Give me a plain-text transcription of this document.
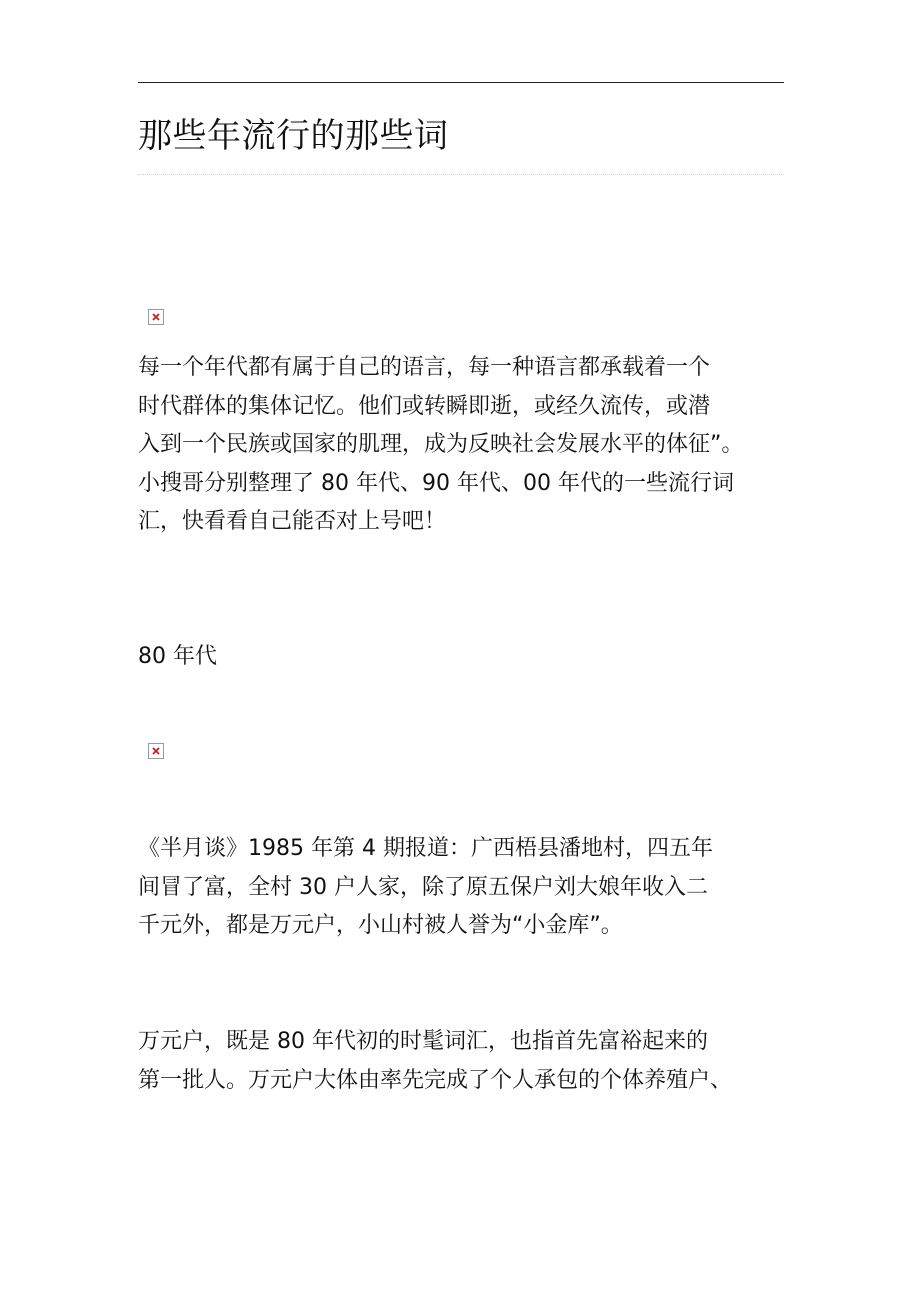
那些年流行的那些词

每一个年代都有属于自己的语言，每一种语言都承载着一个
时代群体的集体记忆。他们或转瞬即逝，或经久流传，或潜
入到一个民族或国家的肌理，成为反映社会发展水平的体征”。
小搜哥分别整理了 80 年代、90 年代、00 年代的一些流行词
汇，快看看自己能否对上号吧！

80 年代

《半月谈》1985 年第 4 期报道：广西梧县潘地村，四五年
间冒了富，全村 30 户人家，除了原五保户刘大娘年收入二
千元外，都是万元户，小山村被人誉为“小金库”。

万元户，既是 80 年代初的时髦词汇，也指首先富裕起来的
第一批人。万元户大体由率先完成了个人承包的个体养殖户、
